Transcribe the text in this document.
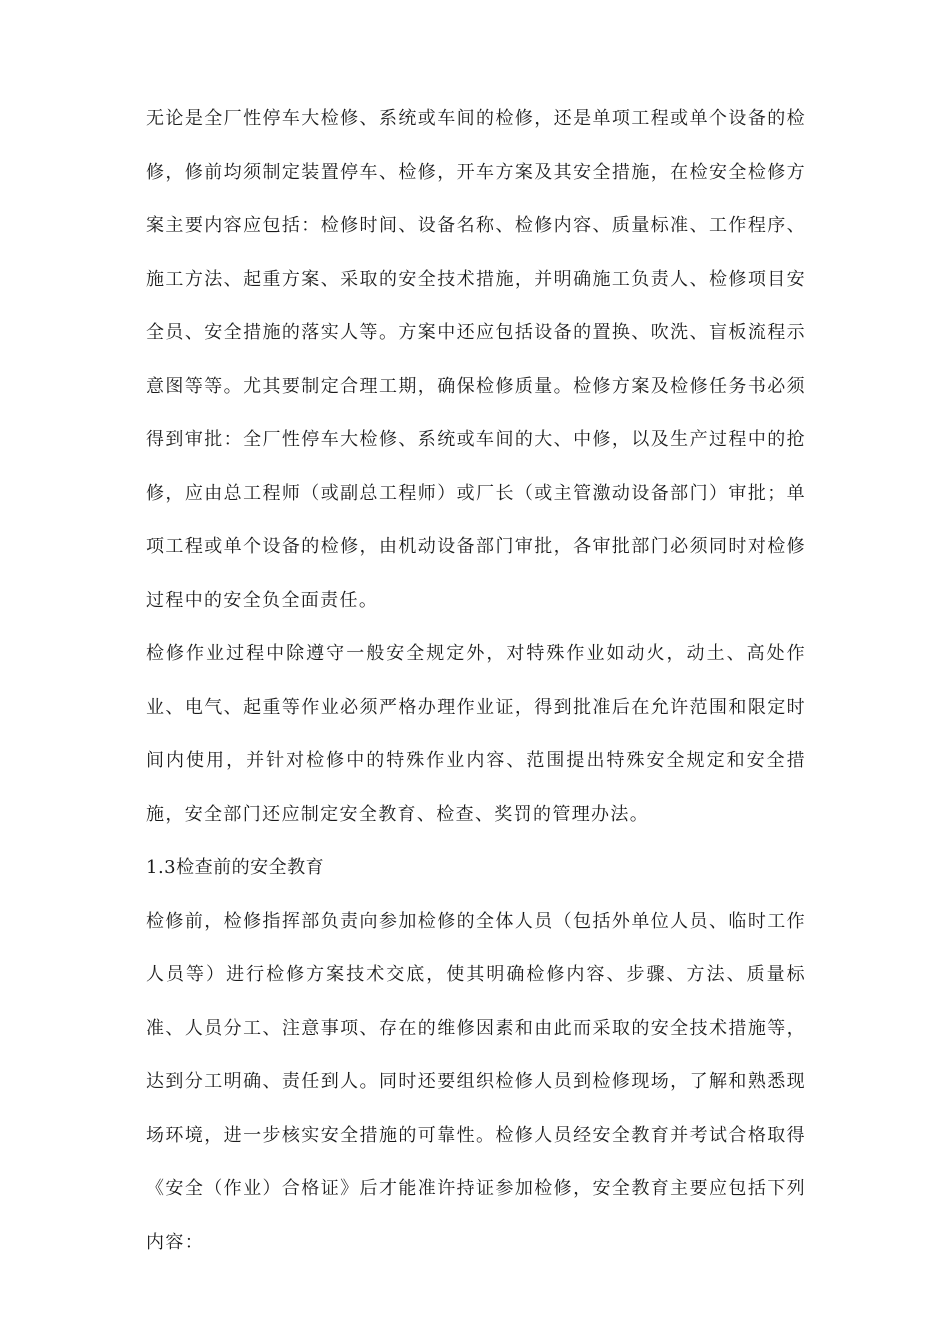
无论是全厂性停车大检修、系统或车间的检修，还是单项工程或单个设备的检修，修前均须制定装置停车、检修，开车方案及其安全措施，在检安全检修方案主要内容应包括：检修时间、设备名称、检修内容、质量标准、工作程序、施工方法、起重方案、采取的安全技术措施，并明确施工负责人、检修项目安全员、安全措施的落实人等。方案中还应包括设备的置换、吹洗、盲板流程示意图等等。尤其要制定合理工期，确保检修质量。检修方案及检修任务书必须得到审批：全厂性停车大检修、系统或车间的大、中修，以及生产过程中的抢修，应由总工程师（或副总工程师）或厂长（或主管激动设备部门）审批；单项工程或单个设备的检修，由机动设备部门审批，各审批部门必须同时对检修过程中的安全负全面责任。

检修作业过程中除遵守一般安全规定外，对特殊作业如动火，动土、高处作业、电气、起重等作业必须严格办理作业证，得到批准后在允许范围和限定时间内使用，并针对检修中的特殊作业内容、范围提出特殊安全规定和安全措施，安全部门还应制定安全教育、检查、奖罚的管理办法。

1.3检查前的安全教育

检修前，检修指挥部负责向参加检修的全体人员（包括外单位人员、临时工作人员等）进行检修方案技术交底，使其明确检修内容、步骤、方法、质量标准、人员分工、注意事项、存在的维修因素和由此而采取的安全技术措施等，达到分工明确、责任到人。同时还要组织检修人员到检修现场，了解和熟悉现场环境，进一步核实安全措施的可靠性。检修人员经安全教育并考试合格取得《安全（作业）合格证》后才能准许持证参加检修，安全教育主要应包括下列内容：
